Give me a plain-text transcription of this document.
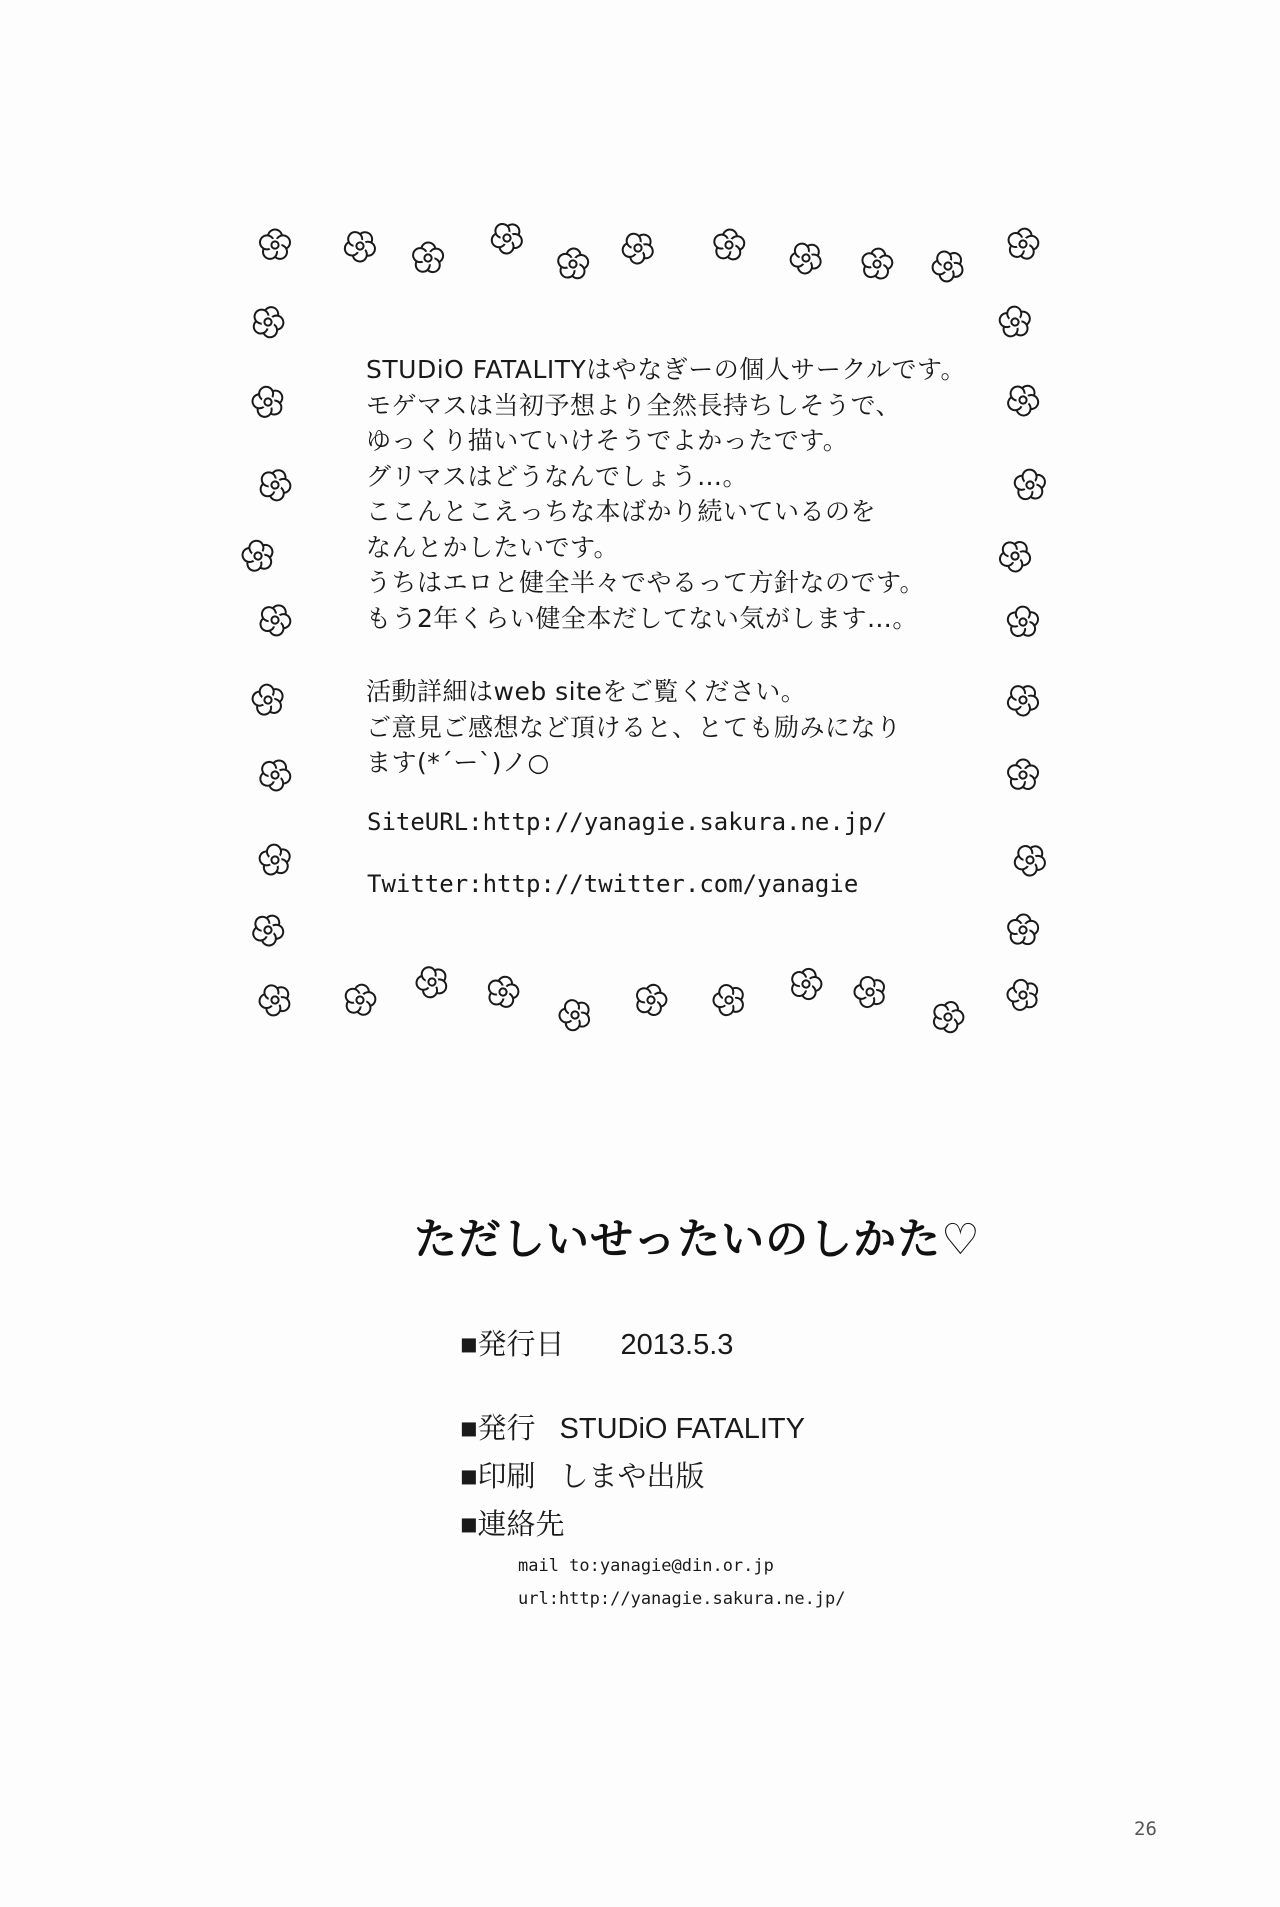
STUDiO FATALITYはやなぎーの個人サークルです。
モゲマスは当初予想より全然長持ちしそうで、
ゆっくり描いていけそうでよかったです。
グリマスはどうなんでしょう…。
ここんとこえっちな本ばかり続いているのを
なんとかしたいです。
うちはエロと健全半々でやるって方針なのです。
もう2年くらい健全本だしてない気がします…。
活動詳細はweb siteをご覧ください。
ご意見ご感想など頂けると、とても励みになり
ます(*´ー`)ノ○
SiteURL:http://yanagie.sakura.ne.jp/
Twitter:http://twitter.com/yanagie
ただしいせったいのしかた♡
■発行日 2013.5.3
■発行 STUDiO FATALITY
■印刷 しまや出版
■連絡先
mail to:yanagie@din.or.jp
url:http://yanagie.sakura.ne.jp/
26
